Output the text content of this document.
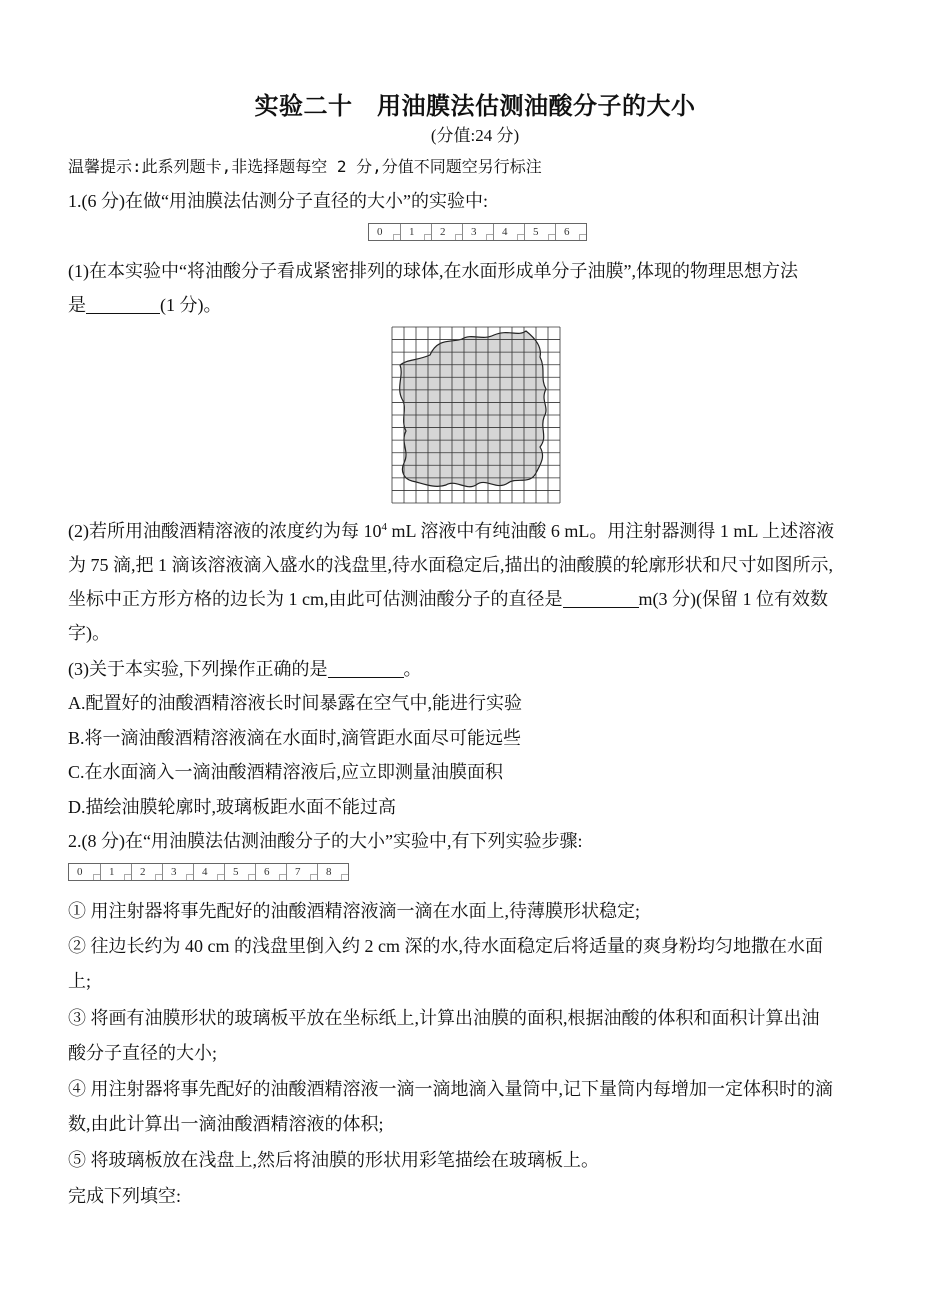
实验二十　用油膜法估测油酸分子的大小
(分值:24 分)
温馨提示:此系列题卡,非选择题每空 2 分,分值不同题空另行标注
1.(6 分)在做“用油膜法估测分子直径的大小”的实验中:
0	1	2	3	4	5	6
(1)在本实验中“将油酸分子看成紧密排列的球体,在水面形成单分子油膜”,体现的物理思想方法
是	(1 分)。
(2)若所用油酸酒精溶液的浓度约为每 $10^4$ mL 溶液中有纯油酸 6 mL。用注射器测得 1 mL 上述溶液
为 75 滴,把 1 滴该溶液滴入盛水的浅盘里,待水面稳定后,描出的油酸膜的轮廓形状和尺寸如图所示,
坐标中正方形方格的边长为 1 cm,由此可估测油酸分子的直径是	m(3 分)(保留 1 位有效数
字)。
(3)关于本实验,下列操作正确的是	。
A.配置好的油酸酒精溶液长时间暴露在空气中,能进行实验
B.将一滴油酸酒精溶液滴在水面时,滴管距水面尽可能远些
C.在水面滴入一滴油酸酒精溶液后,应立即测量油膜面积
D.描绘油膜轮廓时,玻璃板距水面不能过高
2.(8 分)在“用油膜法估测油酸分子的大小”实验中,有下列实验步骤:
0	1	2	3	4	5	6	7	8
① 用注射器将事先配好的油酸酒精溶液滴一滴在水面上,待薄膜形状稳定;
② 往边长约为 40 cm 的浅盘里倒入约 2 cm 深的水,待水面稳定后将适量的爽身粉均匀地撒在水面
上;
③ 将画有油膜形状的玻璃板平放在坐标纸上,计算出油膜的面积,根据油酸的体积和面积计算出油
酸分子直径的大小;
④ 用注射器将事先配好的油酸酒精溶液一滴一滴地滴入量筒中,记下量筒内每增加一定体积时的滴
数,由此计算出一滴油酸酒精溶液的体积;
⑤ 将玻璃板放在浅盘上,然后将油膜的形状用彩笔描绘在玻璃板上。
完成下列填空:
